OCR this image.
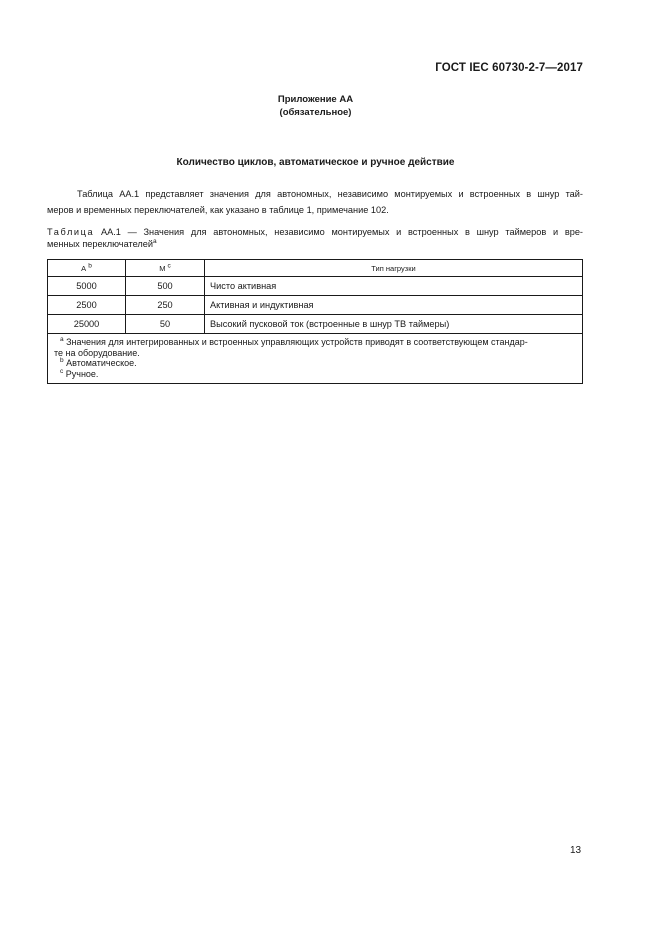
ГОСТ IEC 60730-2-7—2017
Приложение АА
(обязательное)
Количество циклов, автоматическое и ручное действие
Таблица АА.1 представляет значения для автономных, независимо монтируемых и встроенных в шнур тай-
меров и временных переключателей, как указано в таблице 1, примечание 102.
Таблица АА.1 — Значения для автономных, независимо монтируемых и встроенных в шнур таймеров и вре-
менных переключателей$^a$
А $^b$	М $^c$	Тип нагрузки
5000	500	Чисто активная
2500	250	Активная и индуктивная
25000	50	Высокий пусковой ток (встроенные в шнур ТВ таймеры)

$^a$ Значения для интегрированных и встроенных управляющих устройств приводят в соответствующем стандар-
те на оборудование.
$^b$ Автоматическое.
$^c$ Ручное.		
13
